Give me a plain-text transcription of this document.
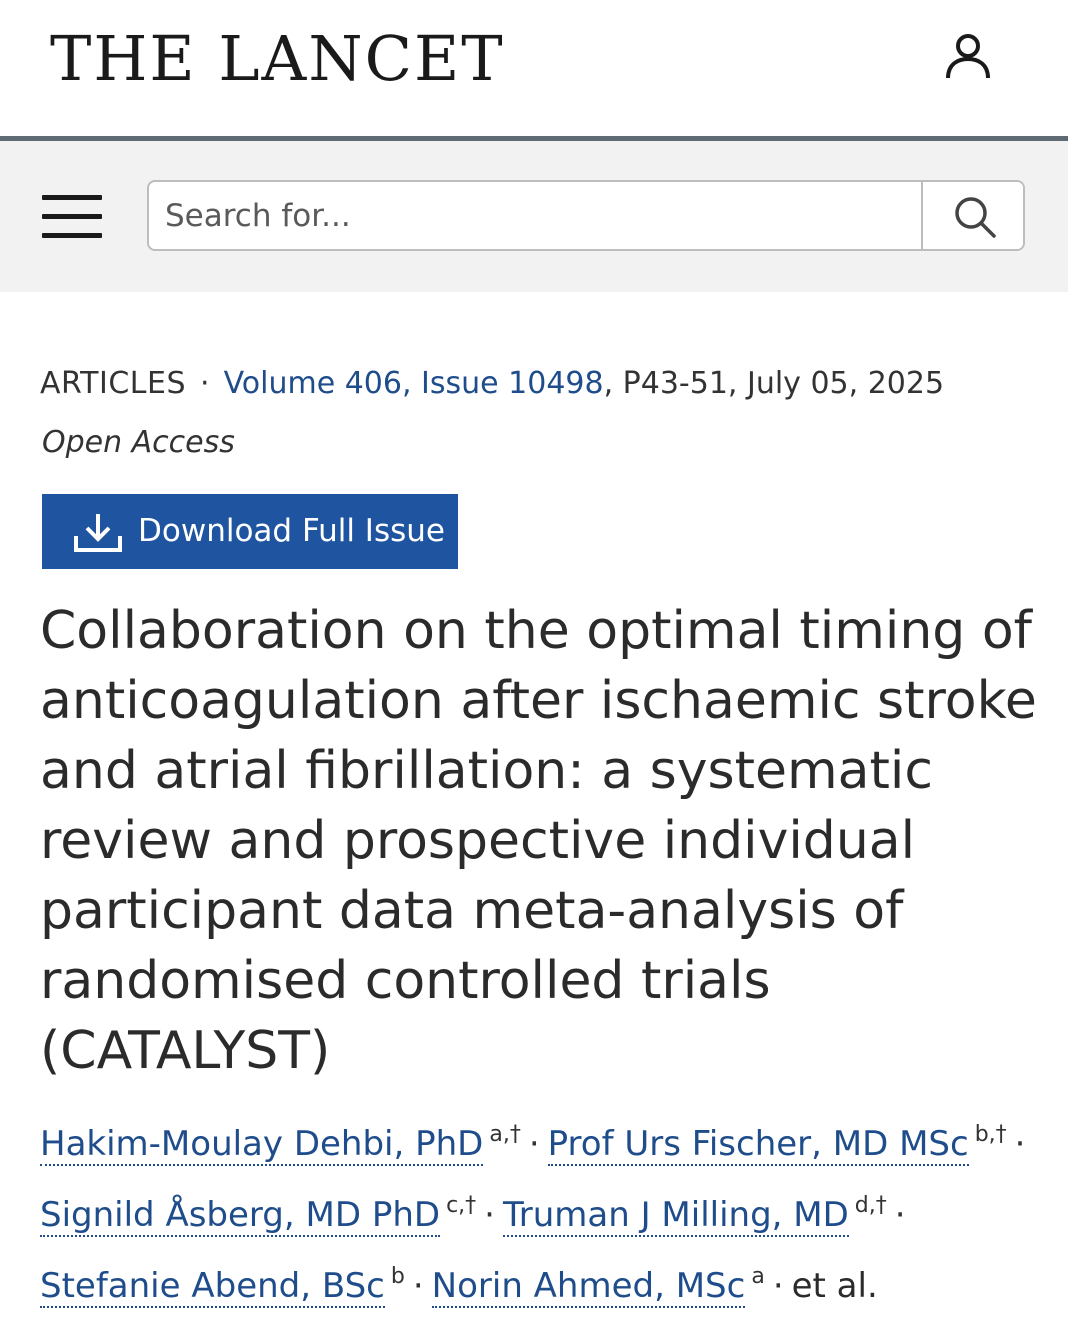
THE LANCET
Search for...
ARTICLES · Volume 406, Issue 10498, P43-51, July 05, 2025
Open Access
Download Full Issue
Collaboration on the optimal timing of anticoagulation after ischaemic stroke and atrial fibrillation: a systematic review and prospective individual participant data meta-analysis of randomised controlled trials (CATALYST)
Hakim-Moulay Dehbi, PhD $^{a,\dagger}$ · Prof Urs Fischer, MD MSc $^{b,\dagger}$ ·
Signild Åsberg, MD PhD $^{c,\dagger}$ · Truman J Milling, MD $^{d,\dagger}$ ·
Stefanie Abend, BSc $^b$ · Norin Ahmed, MSc $^a$ · et al.
